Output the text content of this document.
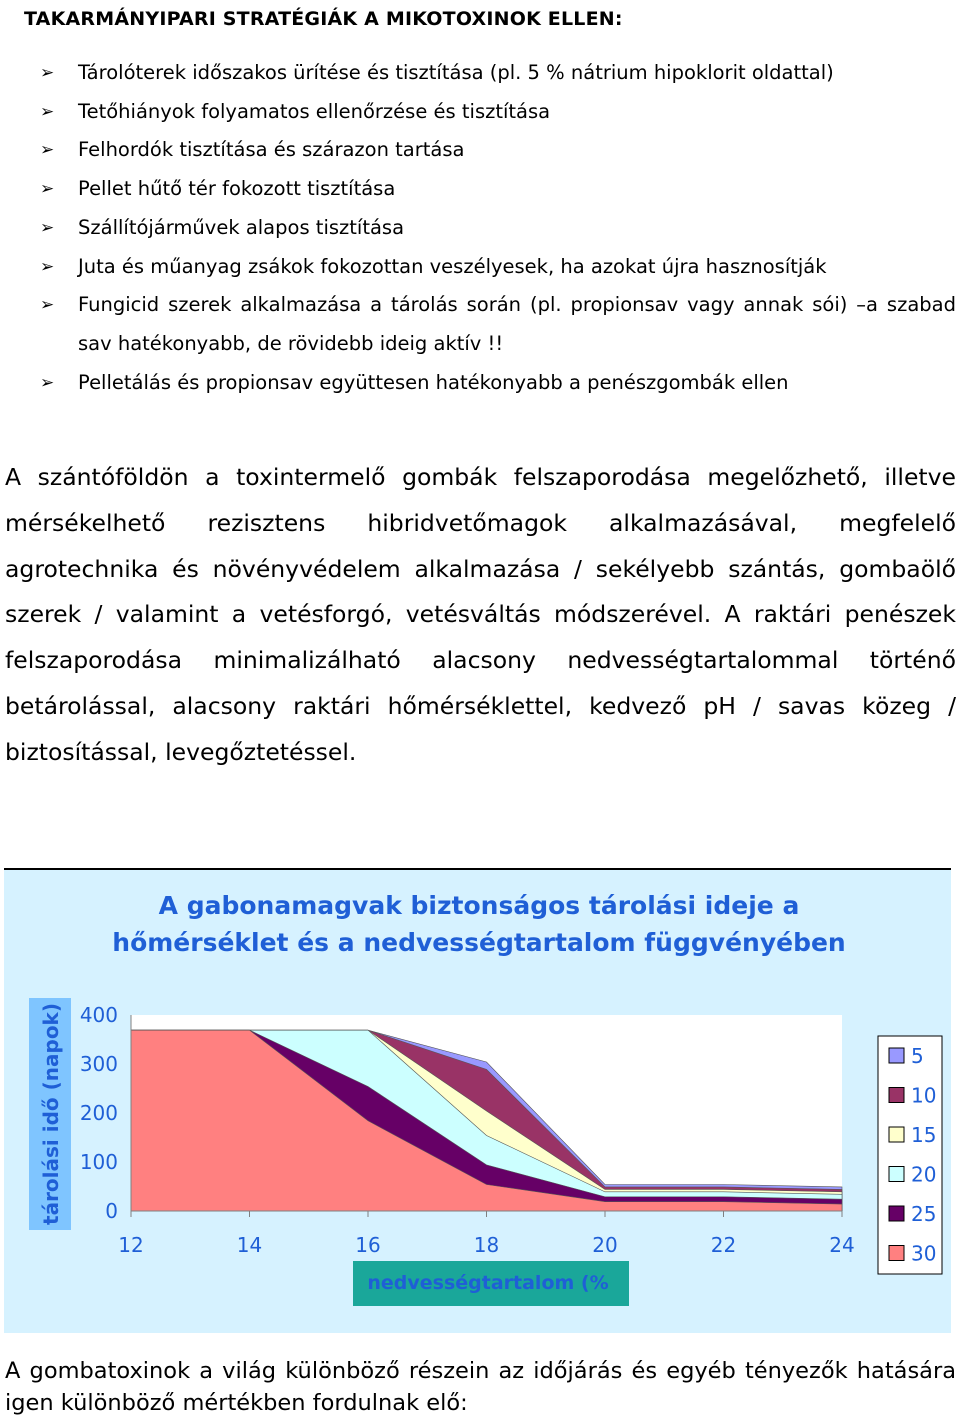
TAKARMÁNYIPARI STRATÉGIÁK A MIKOTOXINOK ELLEN:
➢ Tárolóterek időszakos ürítése és tisztítása (pl. 5 % nátrium hipoklorit oldattal)
➢ Tetőhiányok folyamatos ellenőrzése és tisztítása
➢ Felhordók tisztítása és szárazon tartása
➢ Pellet hűtő tér fokozott tisztítása
➢ Szállítójárművek alapos tisztítása
➢ Juta és műanyag zsákok fokozottan veszélyesek, ha azokat újra hasznosítják
➢ Fungicid szerek alkalmazása a tárolás során (pl. propionsav vagy annak sói) –a szabad sav hatékonyabb, de rövidebb ideig aktív !!
➢ Pelletálás és propionsav együttesen hatékonyabb a penészgombák ellen

A szántóföldön a toxintermelő gombák felszaporodása megelőzhető, illetve mérsékelhető rezisztens hibridvetőmagok alkalmazásával, megfelelő agrotechnika és növényvédelem alkalmazása / sekélyebb szántás, gombaölő szerek / valamint a vetésforgó, vetésváltás módszerével. A raktári penészek felszaporodása minimalizálható alacsony nedvességtartalommal történő betárolással, alacsony raktári hőmérséklettel, kedvező pH / savas közeg / biztosítással, levegőztetéssel.

A gabonamagvak biztonságos tárolási ideje a
hőmérséklet és a nedvességtartalom függvényében
tárolási idő (napok) 0
100
200
300
400
12	14	16	18	20	22	24
nedvességtartalom (%
5
10
15
20
25
30

A gombatoxinok a világ különböző részein az időjárás és egyéb tényezők hatására igen különböző mértékben fordulnak elő:
